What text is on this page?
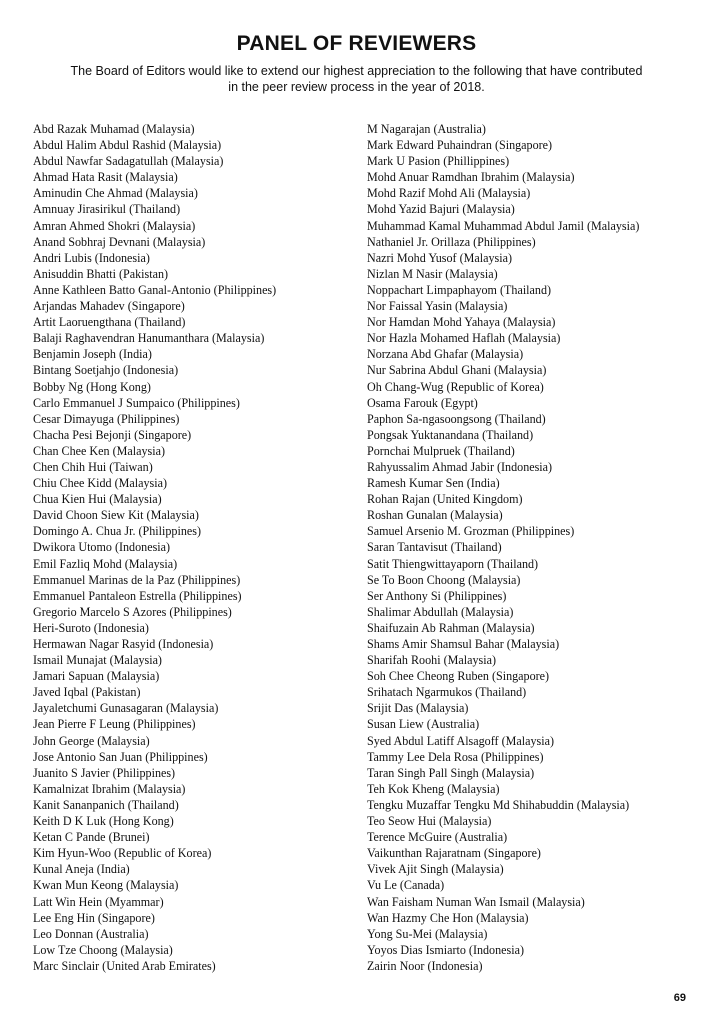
PANEL OF REVIEWERS

The Board of Editors would like to extend our highest appreciation to the following that have contributed
in the peer review process in the year of 2018.

Abd Razak Muhamad (Malaysia)
Abdul Halim Abdul Rashid (Malaysia)
Abdul Nawfar Sadagatullah (Malaysia)
Ahmad Hata Rasit (Malaysia)
Aminudin Che Ahmad (Malaysia)
Amnuay Jirasirikul (Thailand)
Amran Ahmed Shokri (Malaysia)
Anand Sobhraj Devnani (Malaysia)
Andri Lubis (Indonesia)
Anisuddin Bhatti (Pakistan)
Anne Kathleen Batto Ganal-Antonio (Philippines)
Arjandas Mahadev (Singapore)
Artit Laoruengthana (Thailand)
Balaji Raghavendran Hanumanthara (Malaysia)
Benjamin Joseph (India)
Bintang Soetjahjo (Indonesia)
Bobby Ng (Hong Kong)
Carlo Emmanuel J Sumpaico (Philippines)
Cesar Dimayuga (Philippines)
Chacha Pesi Bejonji (Singapore)
Chan Chee Ken (Malaysia)
Chen Chih Hui (Taiwan)
Chiu Chee Kidd (Malaysia)
Chua Kien Hui (Malaysia)
David Choon Siew Kit (Malaysia)
Domingo A. Chua Jr. (Philippines)
Dwikora Utomo (Indonesia)
Emil Fazliq Mohd (Malaysia)
Emmanuel Marinas de la Paz (Philippines)
Emmanuel Pantaleon Estrella (Philippines)
Gregorio Marcelo S Azores (Philippines)
Heri-Suroto (Indonesia)
Hermawan Nagar Rasyid (Indonesia)
Ismail Munajat (Malaysia)
Jamari Sapuan (Malaysia)
Javed Iqbal (Pakistan)
Jayaletchumi Gunasagaran (Malaysia)
Jean Pierre F Leung (Philippines)
John George (Malaysia)
Jose Antonio San Juan (Philippines)
Juanito S Javier (Philippines)
Kamalnizat Ibrahim (Malaysia)
Kanit Sananpanich (Thailand)
Keith D K Luk (Hong Kong)
Ketan C Pande (Brunei)
Kim Hyun-Woo (Republic of Korea)
Kunal Aneja (India)
Kwan Mun Keong (Malaysia)
Latt Win Hein (Myammar)
Lee Eng Hin (Singapore)
Leo Donnan (Australia)
Low Tze Choong (Malaysia)
Marc Sinclair (United Arab Emirates)
M Nagarajan (Australia)
Mark Edward Puhaindran (Singapore)
Mark U Pasion (Phillippines)
Mohd Anuar Ramdhan Ibrahim (Malaysia)
Mohd Razif Mohd Ali (Malaysia)
Mohd Yazid Bajuri (Malaysia)
Muhammad Kamal Muhammad Abdul Jamil (Malaysia)
Nathaniel Jr. Orillaza (Philippines)
Nazri Mohd Yusof (Malaysia)
Nizlan M Nasir (Malaysia)
Noppachart Limpaphayom (Thailand)
Nor Faissal Yasin (Malaysia)
Nor Hamdan Mohd Yahaya (Malaysia)
Nor Hazla Mohamed Haflah (Malaysia)
Norzana Abd Ghafar (Malaysia)
Nur Sabrina Abdul Ghani (Malaysia)
Oh Chang-Wug (Republic of Korea)
Osama Farouk (Egypt)
Paphon Sa-ngasoongsong (Thailand)
Pongsak Yuktanandana (Thailand)
Pornchai Mulpruek (Thailand)
Rahyussalim Ahmad Jabir (Indonesia)
Ramesh Kumar Sen (India)
Rohan Rajan (United Kingdom)
Roshan Gunalan (Malaysia)
Samuel Arsenio M. Grozman (Philippines)
Saran Tantavisut (Thailand)
Satit Thiengwittayaporn (Thailand)
Se To Boon Choong (Malaysia)
Ser Anthony Si (Philippines)
Shalimar Abdullah (Malaysia)
Shaifuzain Ab Rahman (Malaysia)
Shams Amir Shamsul Bahar (Malaysia)
Sharifah Roohi (Malaysia)
Soh Chee Cheong Ruben (Singapore)
Srihatach Ngarmukos (Thailand)
Srijit Das (Malaysia)
Susan Liew (Australia)
Syed Abdul Latiff Alsagoff (Malaysia)
Tammy Lee Dela Rosa (Philippines)
Taran Singh Pall Singh (Malaysia)
Teh Kok Kheng (Malaysia)
Tengku Muzaffar Tengku Md Shihabuddin (Malaysia)
Teo Seow Hui (Malaysia)
Terence McGuire (Australia)
Vaikunthan Rajaratnam (Singapore)
Vivek Ajit Singh (Malaysia)
Vu Le (Canada)
Wan Faisham Numan Wan Ismail (Malaysia)
Wan Hazmy Che Hon (Malaysia)
Yong Su-Mei (Malaysia)
Yoyos Dias Ismiarto (Indonesia)
Zairin Noor (Indonesia)
69
